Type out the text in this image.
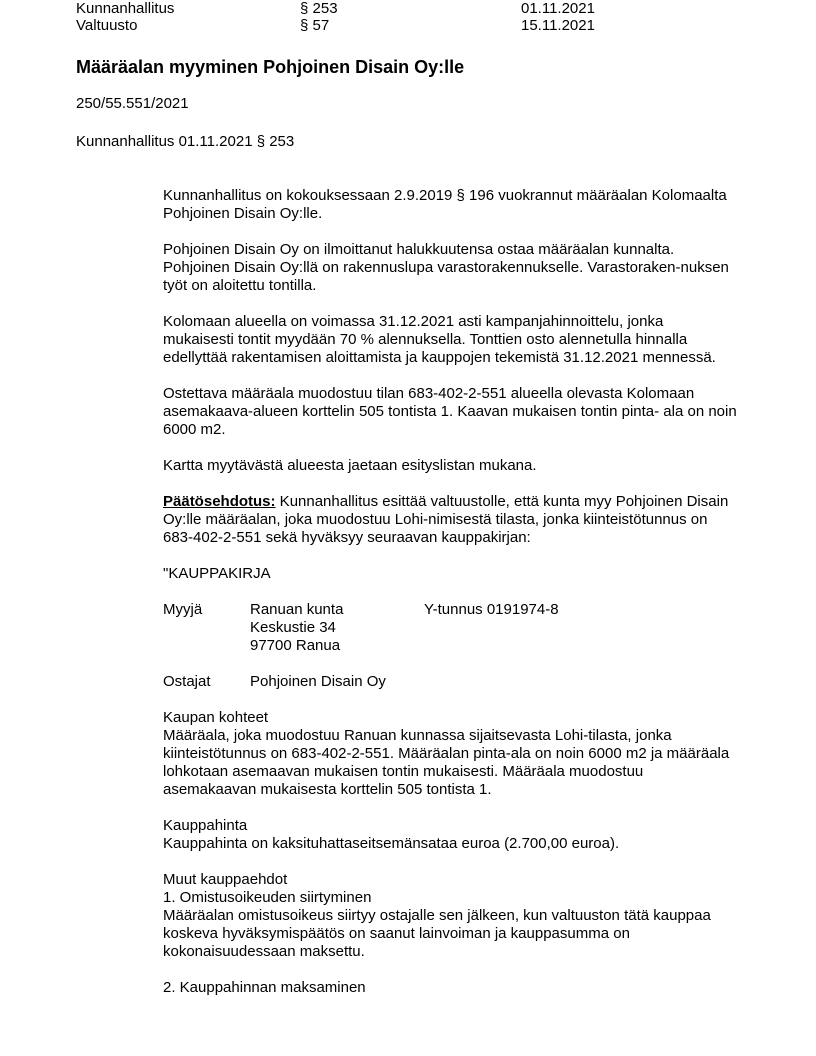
Kunnanhallitus	§ 253	01.11.2021
Valtuusto	§ 57	15.11.2021
Määräalan myyminen Pohjoinen Disain Oy:lle
250/55.551/2021
Kunnanhallitus 01.11.2021 § 253

Kunnanhallitus on kokouksessaan 2.9.2019 § 196 vuokrannut määräalan Kolomaalta Pohjoinen Disain Oy:lle.

Pohjoinen Disain Oy on ilmoittanut halukkuutensa ostaa määräalan kunnalta. Pohjoinen Disain Oy:llä on rakennuslupa varastorakennukselle. Varastoraken-nuksen työt on aloitettu tontilla.

Kolomaan alueella on voimassa 31.12.2021 asti kampanjahinnoittelu, jonka mukaisesti tontit myydään 70 % alennuksella. Tonttien osto alennetulla hinnalla edellyttää rakentamisen aloittamista ja kauppojen tekemistä 31.12.2021 mennessä.

Ostettava määräala muodostuu tilan 683-402-2-551 alueella olevasta Kolomaan asemakaava-alueen korttelin 505 tontista 1. Kaavan mukaisen tontin pinta- ala on noin 6000 m2.

Kartta myytävästä alueesta jaetaan esityslistan mukana.

Päätösehdotus: Kunnanhallitus esittää valtuustolle, että kunta myy Pohjoinen Disain Oy:lle määräalan, joka muodostuu Lohi-nimisestä tilasta, jonka kiinteistötunnus on 683-402-2-551 sekä hyväksyy seuraavan kauppakirjan:

"KAUPPAKIRJA

Myyjä	Ranuan kunta	Y-tunnus 0191974-8
Keskustie 34
97700 Ranua
Ostajat	Pohjoinen Disain Oy
Kaupan kohteet

Määräala, joka muodostuu Ranuan kunnassa sijaitsevasta Lohi-tilasta, jonka kiinteistötunnus on 683-402-2-551. Määräalan pinta-ala on noin 6000 m2 ja määräala lohkotaan asemaavan mukaisen tontin mukaisesti. Määräala muodostuu asemakaavan mukaisesta korttelin 505 tontista 1.

Kauppahinta

Kauppahinta on kaksituhattaseitsemänsataa euroa (2.700,00 euroa).

Muut kauppaehdot
1. Omistusoikeuden siirtyminen

Määräalan omistusoikeus siirtyy ostajalle sen jälkeen, kun valtuuston tätä kauppaa koskeva hyväksymispäätös on saanut lainvoiman ja kauppasumma on kokonaisuudessaan maksettu.

2. Kauppahinnan maksaminen
